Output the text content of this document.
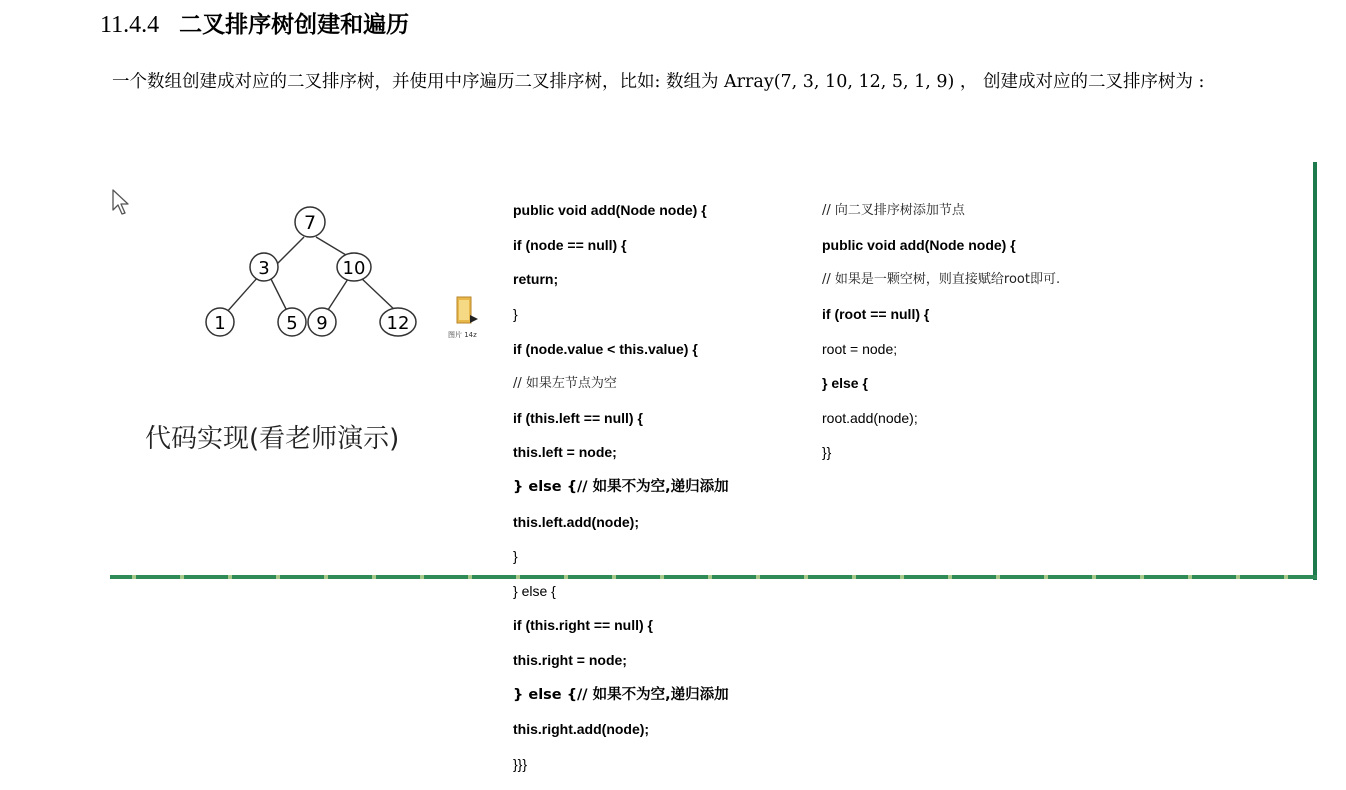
11.4.4 二叉排序树创建和遍历
一个数组创建成对应的二叉排序树，并使用中序遍历二叉排序树，比如: 数组为 Array(7, 3, 10, 12, 5, 1, 9) ， 创建成对应的二叉排序树为 :
7
3	10
1	5 9	12
图片 14z
代码实现(看老师演示)

public void add(Node node) {

if (node == null) {

return;

}

if (node.value < this.value) {

// 如果左节点为空

if (this.left == null) {

this.left = node;

} else {// 如果不为空,递归添加

this.left.add(node);

}

} else {

if (this.right == null) {

this.right = node;

} else {// 如果不为空,递归添加

this.right.add(node);

}}}

// 向二叉排序树添加节点

public void add(Node node) {

// 如果是一颗空树，则直接赋给root即可.

if (root == null) {

root = node;

} else {

root.add(node);

}}
